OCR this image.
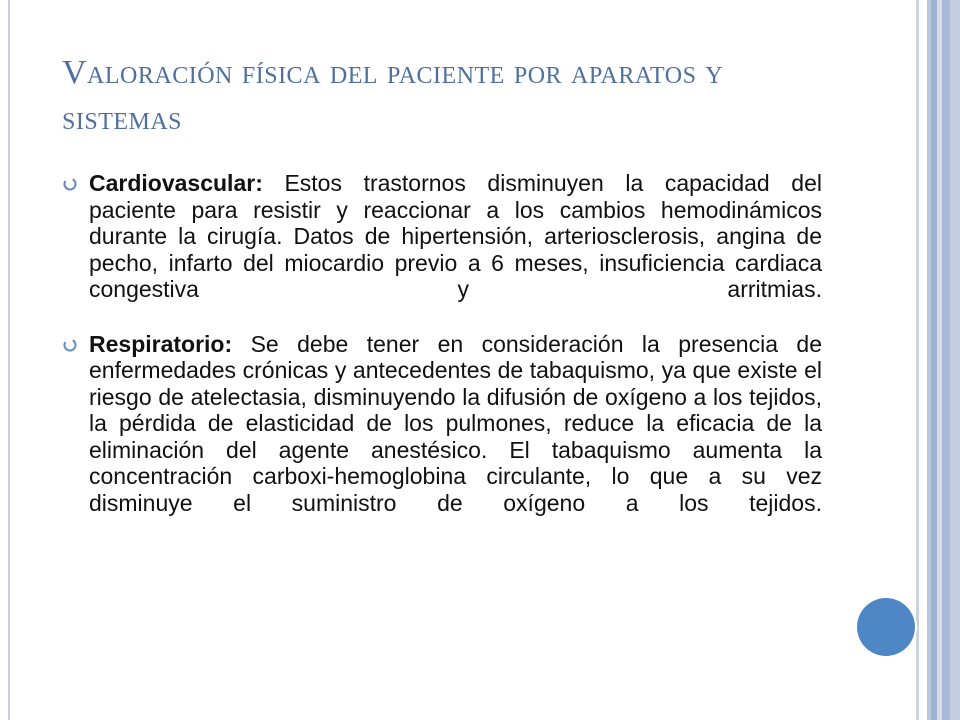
Valoración física del paciente por aparatos y sistemas
Cardiovascular: Estos trastornos disminuyen la capacidad del paciente para resistir y reaccionar a los cambios hemodinámicos durante la cirugía. Datos de hipertensión, arteriosclerosis, angina de pecho, infarto del miocardio previo a 6 meses, insuficiencia cardiaca congestiva y arritmias.
Respiratorio: Se debe tener en consideración la presencia de enfermedades crónicas y antecedentes de tabaquismo, ya que existe el riesgo de atelectasia, disminuyendo la difusión de oxígeno a los tejidos, la pérdida de elasticidad de los pulmones, reduce la eficacia de la eliminación del agente anestésico. El tabaquismo aumenta la concentración carboxi-hemoglobina circulante, lo que a su vez disminuye el suministro de oxígeno a los tejidos.
